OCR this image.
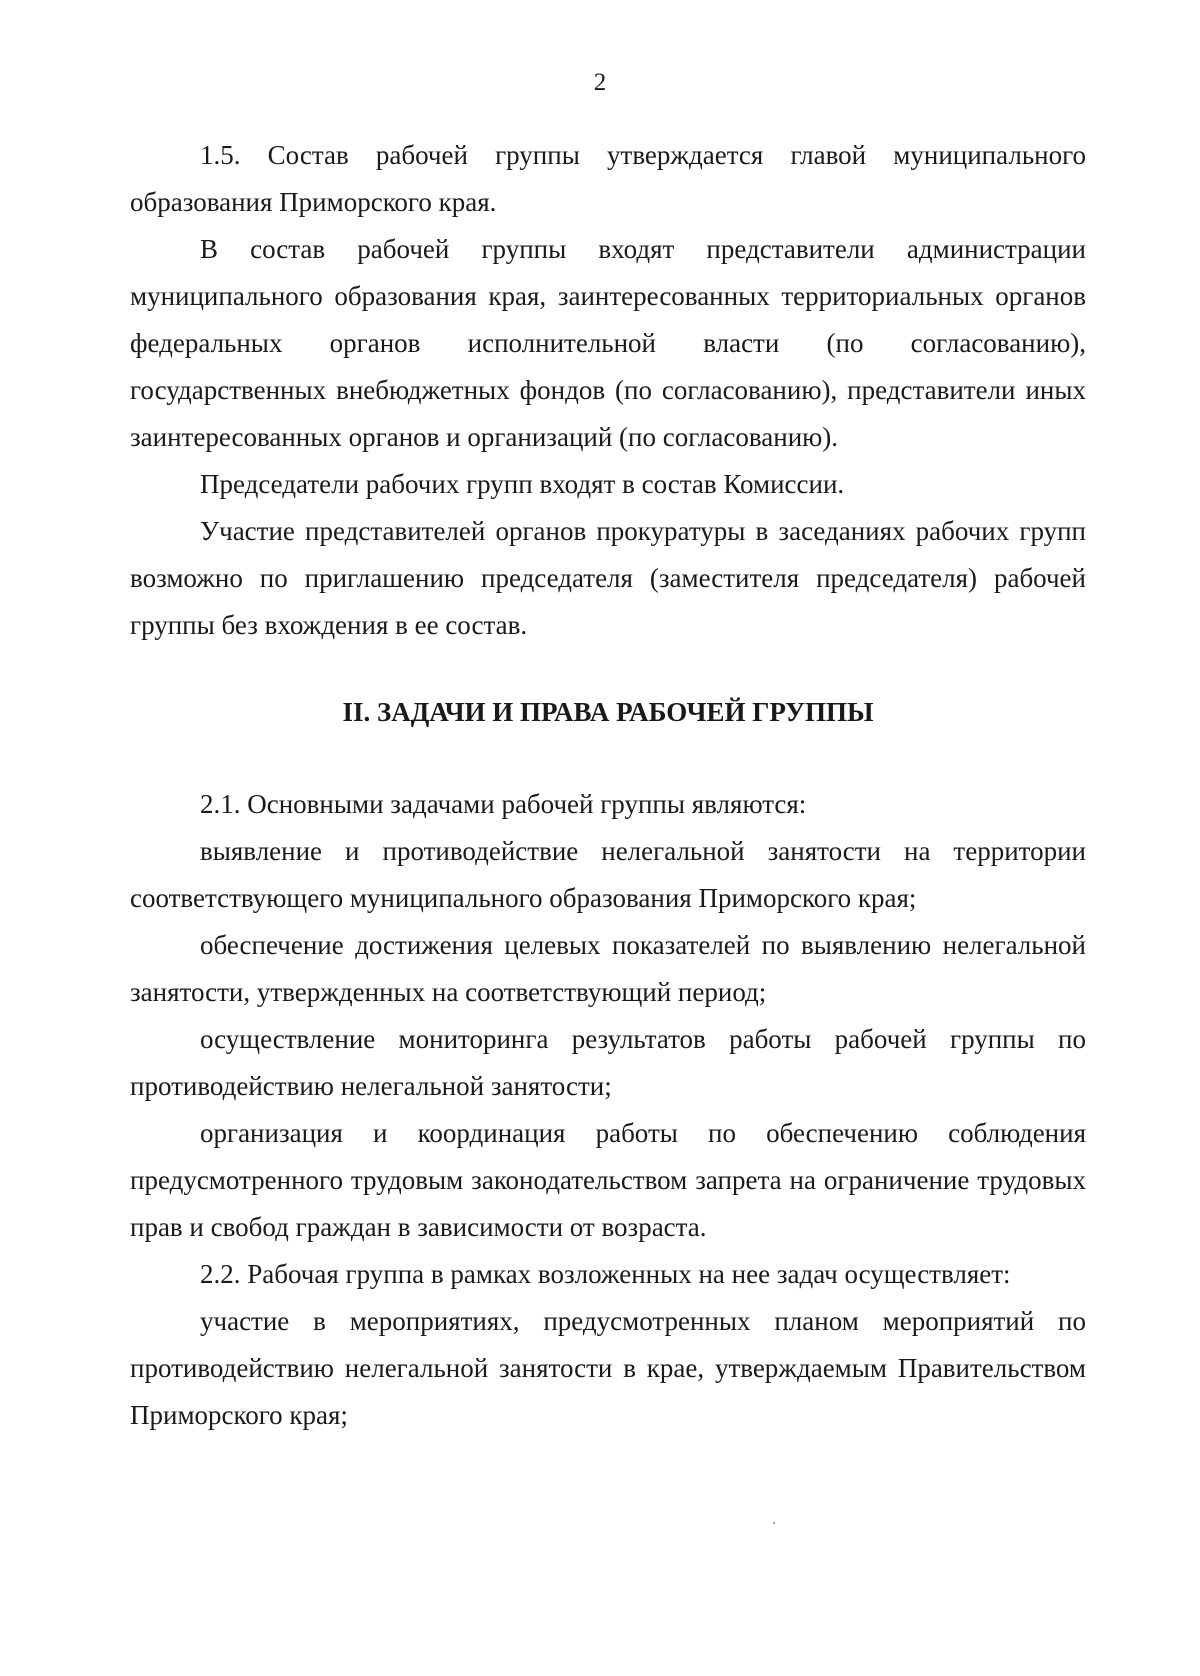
2

1.5. Состав рабочей группы утверждается главой муниципального образования Приморского края.

В состав рабочей группы входят представители администрации муниципального образования края, заинтересованных территориальных органов федеральных органов исполнительной власти (по согласованию), государственных внебюджетных фондов (по согласованию), представители иных заинтересованных органов и организаций (по согласованию).

Председатели рабочих групп входят в состав Комиссии.

Участие представителей органов прокуратуры в заседаниях рабочих групп возможно по приглашению председателя (заместителя председателя) рабочей группы без вхождения в ее состав.

II. ЗАДАЧИ И ПРАВА РАБОЧЕЙ ГРУППЫ

2.1. Основными задачами рабочей группы являются:

выявление и противодействие нелегальной занятости на территории соответствующего муниципального образования Приморского края;

обеспечение достижения целевых показателей по выявлению нелегальной занятости, утвержденных на соответствующий период;

осуществление мониторинга результатов работы рабочей группы по противодействию нелегальной занятости;

организация и координация работы по обеспечению соблюдения предусмотренного трудовым законодательством запрета на ограничение трудовых прав и свобод граждан в зависимости от возраста.

2.2. Рабочая группа в рамках возложенных на нее задач осуществляет:

участие в мероприятиях, предусмотренных планом мероприятий по противодействию нелегальной занятости в крае, утверждаемым Правительством Приморского края;
